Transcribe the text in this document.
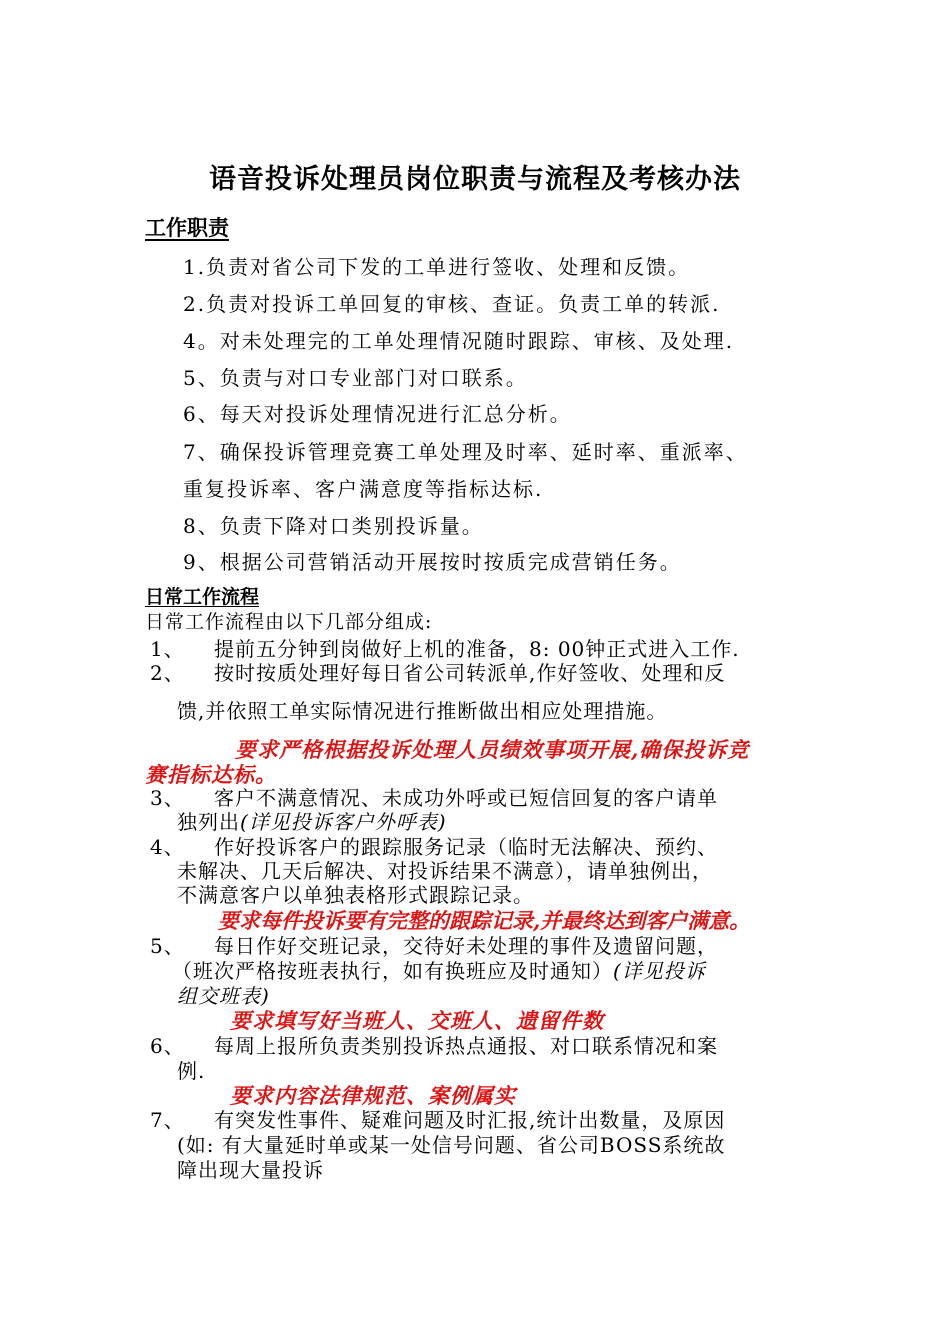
语音投诉处理员岗位职责与流程及考核办法
工作职责
1.负责对省公司下发的工单进行签收、处理和反馈。
2.负责对投诉工单回复的审核、查证。负责工单的转派.
4。对未处理完的工单处理情况随时跟踪、审核、及处理.
5、负责与对口专业部门对口联系。
6、每天对投诉处理情况进行汇总分析。
7、确保投诉管理竞赛工单处理及时率、延时率、重派率、
重复投诉率、客户满意度等指标达标.
8、负责下降对口类别投诉量。
9、根据公司营销活动开展按时按质完成营销任务。
日常工作流程
日常工作流程由以下几部分组成:
1、 提前五分钟到岗做好上机的准备，8: 00钟正式进入工作.
2、 按时按质处理好每日省公司转派单,作好签收、处理和反
馈,并依照工单实际情况进行推断做出相应处理措施。
要求严格根据投诉处理人员绩效事项开展,确保投诉竞
赛指标达标。
3、 客户不满意情况、未成功外呼或已短信回复的客户请单
独列出(详见投诉客户外呼表)
4、 作好投诉客户的跟踪服务记录（临时无法解决、预约、
未解决、几天后解决、对投诉结果不满意），请单独例出，
不满意客户以单独表格形式跟踪记录。
要求每件投诉要有完整的跟踪记录,并最终达到客户满意。
5、 每日作好交班记录，交待好未处理的事件及遗留问题，
（班次严格按班表执行，如有换班应及时通知）(详见投诉
组交班表)
要求填写好当班人、交班人、遗留件数
6、 每周上报所负责类别投诉热点通报、对口联系情况和案
例.
要求内容法律规范、案例属实
7、 有突发性事件、疑难问题及时汇报,统计出数量，及原因
(如: 有大量延时单或某一处信号问题、省公司BOSS系统故
障出现大量投诉
